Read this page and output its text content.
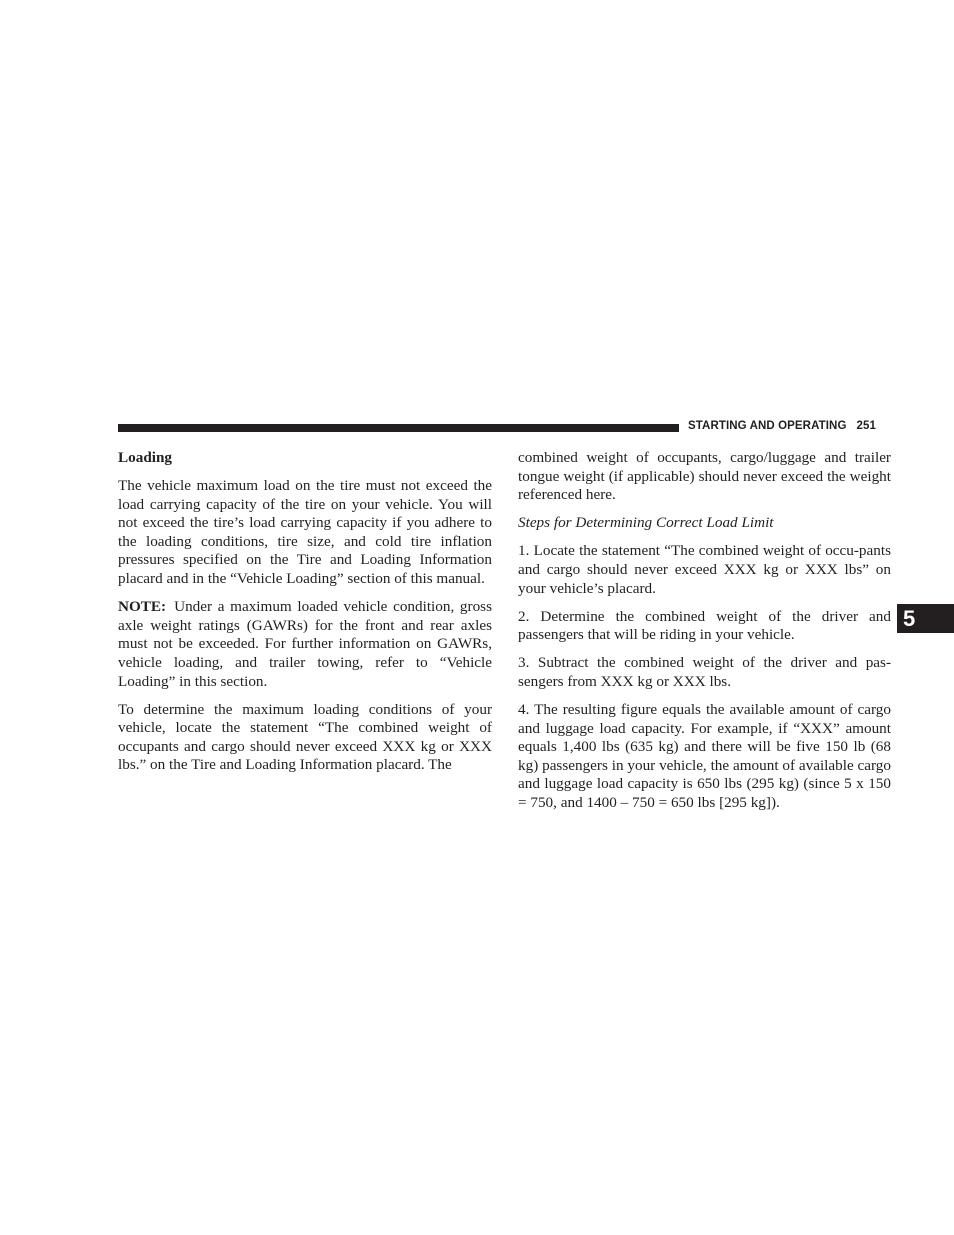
STARTING AND OPERATING 251
5

Loading

The vehicle maximum load on the tire must not exceed the load carrying capacity of the tire on your vehicle. You will not exceed the tire’s load carrying capacity if you adhere to the loading conditions, tire size, and cold tire inflation pressures specified on the Tire and Loading Information placard and in the “Vehicle Loading” section of this manual.

NOTE: Under a maximum loaded vehicle condition, gross axle weight ratings (GAWRs) for the front and rear axles must not be exceeded. For further information on GAWRs, vehicle loading, and trailer towing, refer to “Vehicle Loading” in this section.

To determine the maximum loading conditions of your vehicle, locate the statement “The combined weight of occupants and cargo should never exceed XXX kg or XXX lbs.” on the Tire and Loading Information placard. The

combined weight of occupants, cargo/luggage and trailer tongue weight (if applicable) should never exceed the weight referenced here.

Steps for Determining Correct Load Limit

1. Locate the statement “The combined weight of occu-pants and cargo should never exceed XXX kg or XXX lbs” on your vehicle’s placard.

2. Determine the combined weight of the driver and passengers that will be riding in your vehicle.

3. Subtract the combined weight of the driver and pas-sengers from XXX kg or XXX lbs.

4. The resulting figure equals the available amount of cargo and luggage load capacity. For example, if “XXX” amount equals 1,400 lbs (635 kg) and there will be five 150 lb (68 kg) passengers in your vehicle, the amount of available cargo and luggage load capacity is 650 lbs (295 kg) (since 5 x 150 = 750, and 1400 – 750 = 650 lbs [295 kg]).
